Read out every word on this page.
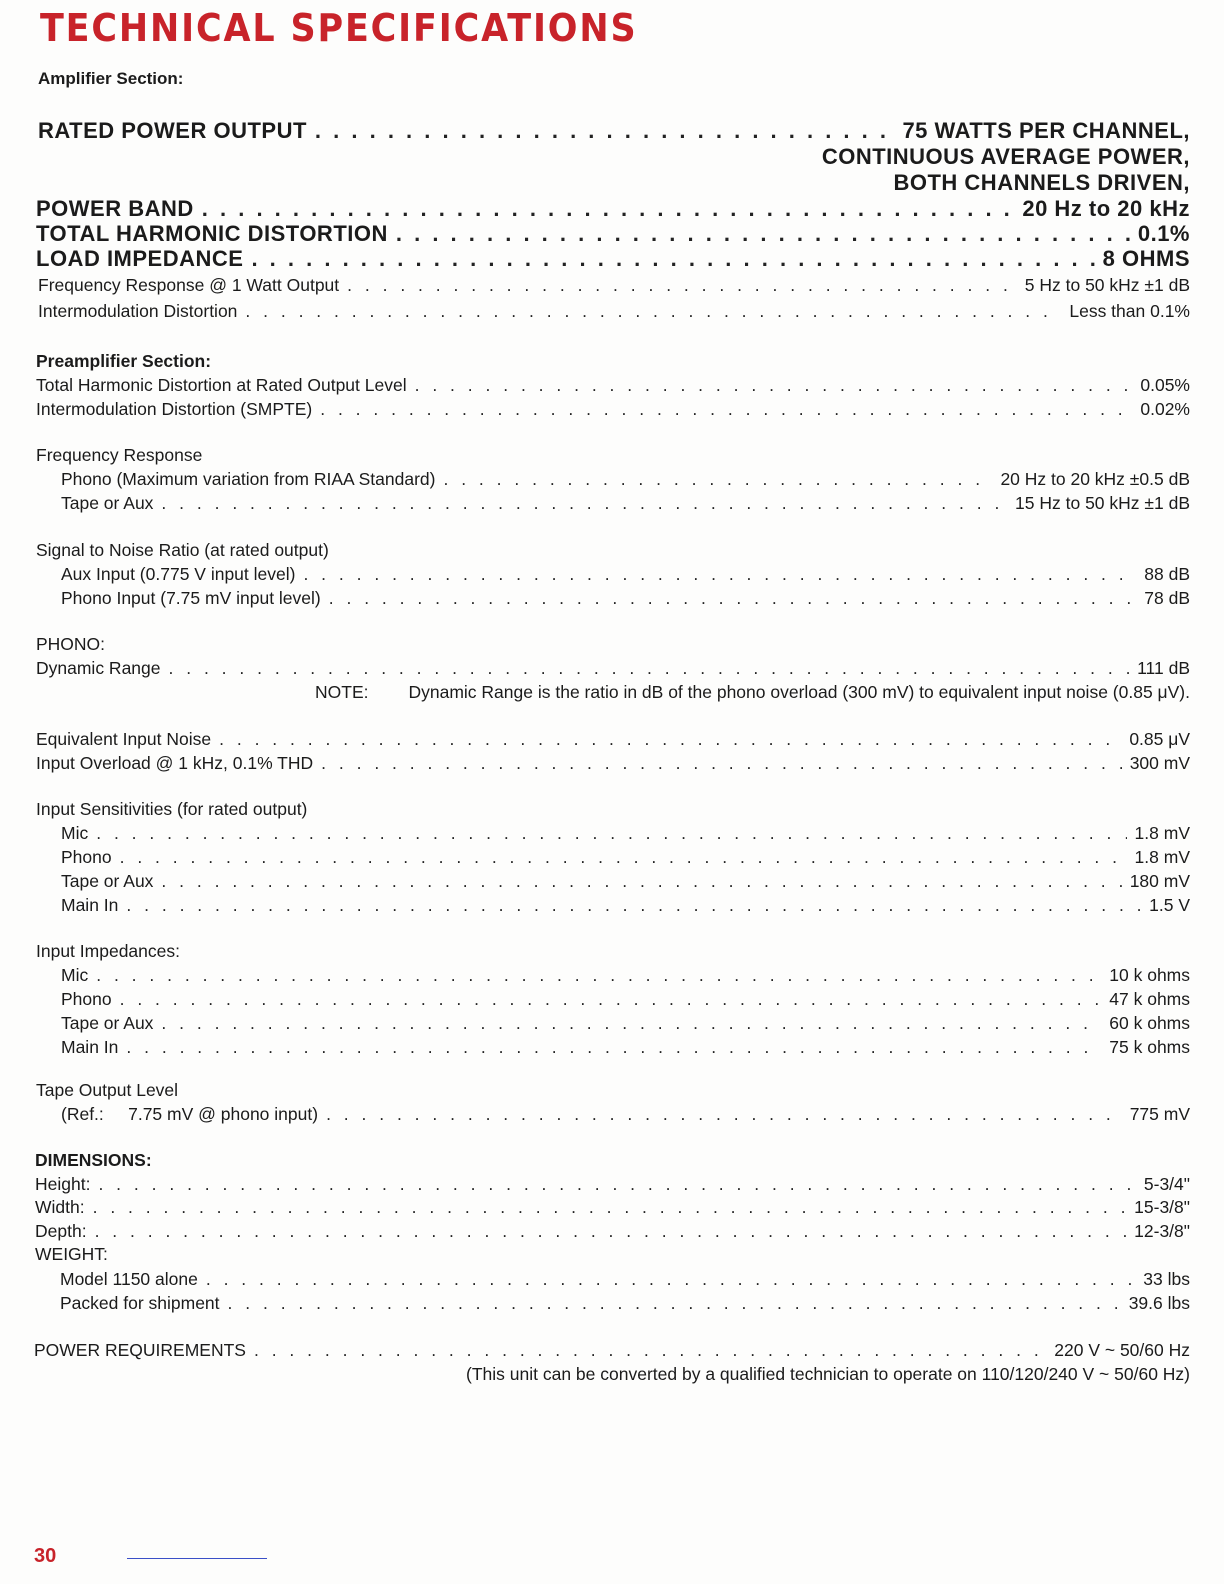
TECHNICAL SPECIFICATIONS
Amplifier Section:
RATED POWER OUTPUT . . .	75 WATTS PER CHANNEL,
CONTINUOUS AVERAGE POWER,
BOTH CHANNELS DRIVEN,
POWER BAND . . .	20 Hz to 20 kHz
TOTAL HARMONIC DISTORTION . . .	0.1%
LOAD IMPEDANCE . . .	8 OHMS
Frequency Response @ 1 Watt Output . . .	5 Hz to 50 kHz ±1 dB
Intermodulation Distortion . . .	Less than 0.1%
Preamplifier Section:
Total Harmonic Distortion at Rated Output Level . . .	0.05%
Intermodulation Distortion (SMPTE) . . .	0.02%
Frequency Response
Phono (Maximum variation from RIAA Standard) . . .	20 Hz to 20 kHz ±0.5 dB
Tape or Aux . . .	15 Hz to 50 kHz ±1 dB
Signal to Noise Ratio (at rated output)
Aux Input (0.775 V input level) . . .	88 dB
Phono Input (7.75 mV input level) . . .	78 dB
PHONO:
Dynamic Range . . .	111 dB
NOTE: Dynamic Range is the ratio in dB of the phono overload (300 mV) to equivalent input noise (0.85 μV).
Equivalent Input Noise . . .	0.85 μV
Input Overload @ 1 kHz, 0.1% THD . . .	300 mV
Input Sensitivities (for rated output)
Mic . . .	1.8 mV
Phono . . .	1.8 mV
Tape or Aux . . .	180 mV
Main In . . .	1.5 V
Input Impedances:
Mic . . .	10 k ohms
Phono . . .	47 k ohms
Tape or Aux . . .	60 k ohms
Main In . . .	75 k ohms
Tape Output Level
(Ref.:     7.75 mV @ phono input) . . .	775 mV
DIMENSIONS:
Height: . . .	5-3/4"
Width: . . .	15-3/8"
Depth: . . .	12-3/8"
WEIGHT:
Model 1150 alone . . .	33 lbs
Packed for shipment . . .	39.6 lbs
POWER REQUIREMENTS . . .	220 V ~ 50/60 Hz
(This unit can be converted by a qualified technician to operate on 110/120/240 V ~ 50/60 Hz)
30
